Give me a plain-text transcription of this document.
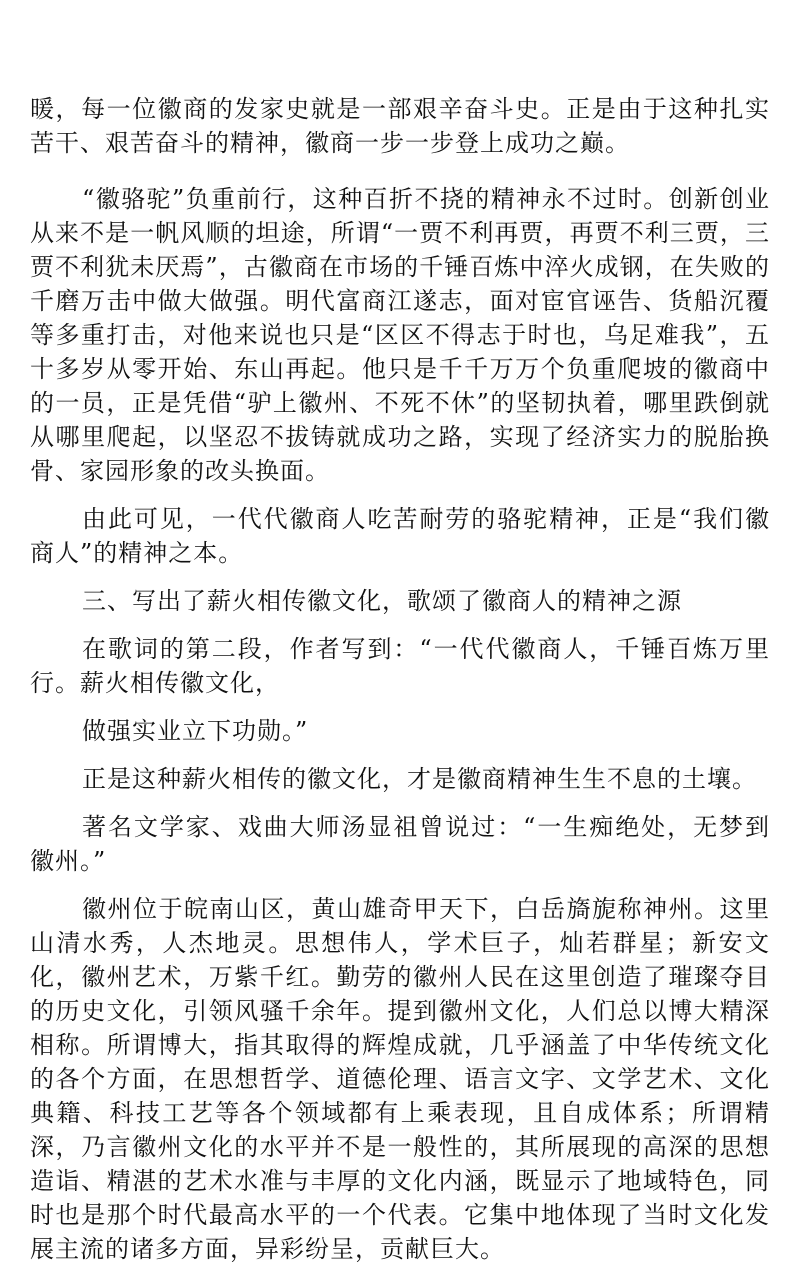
暖，每一位徽商的发家史就是一部艰辛奋斗史。正是由于这种扎实苦干、艰苦奋斗的精神，徽商一步一步登上成功之巅。

“徽骆驼”负重前行，这种百折不挠的精神永不过时。创新创业从来不是一帆风顺的坦途，所谓“一贾不利再贾，再贾不利三贾，三贾不利犹未厌焉”，古徽商在市场的千锤百炼中淬火成钢，在失败的千磨万击中做大做强。明代富商江遂志，面对宦官诬告、货船沉覆等多重打击，对他来说也只是“区区不得志于时也，乌足难我”，五十多岁从零开始、东山再起。他只是千千万万个负重爬坡的徽商中的一员，正是凭借“驴上徽州、不死不休”的坚韧执着，哪里跌倒就从哪里爬起，以坚忍不拔铸就成功之路，实现了经济实力的脱胎换骨、家园形象的改头换面。

由此可见，一代代徽商人吃苦耐劳的骆驼精神，正是“我们徽商人”的精神之本。

三、写出了薪火相传徽文化，歌颂了徽商人的精神之源

在歌词的第二段，作者写到：“一代代徽商人，千锤百炼万里行。薪火相传徽文化，

做强实业立下功勋。”

正是这种薪火相传的徽文化，才是徽商精神生生不息的土壤。

著名文学家、戏曲大师汤显祖曾说过：“一生痴绝处，无梦到徽州。”

徽州位于皖南山区，黄山雄奇甲天下，白岳旖旎称神州。这里山清水秀，人杰地灵。思想伟人，学术巨子，灿若群星；新安文化，徽州艺术，万紫千红。勤劳的徽州人民在这里创造了璀璨夺目的历史文化，引领风骚千余年。提到徽州文化，人们总以博大精深相称。所谓博大，指其取得的辉煌成就，几乎涵盖了中华传统文化的各个方面，在思想哲学、道德伦理、语言文字、文学艺术、文化典籍、科技工艺等各个领域都有上乘表现，且自成体系；所谓精深，乃言徽州文化的水平并不是一般性的，其所展现的高深的思想造诣、精湛的艺术水准与丰厚的文化内涵，既显示了地域特色，同时也是那个时代最高水平的一个代表。它集中地体现了当时文化发展主流的诸多方面，异彩纷呈，贡献巨大。
